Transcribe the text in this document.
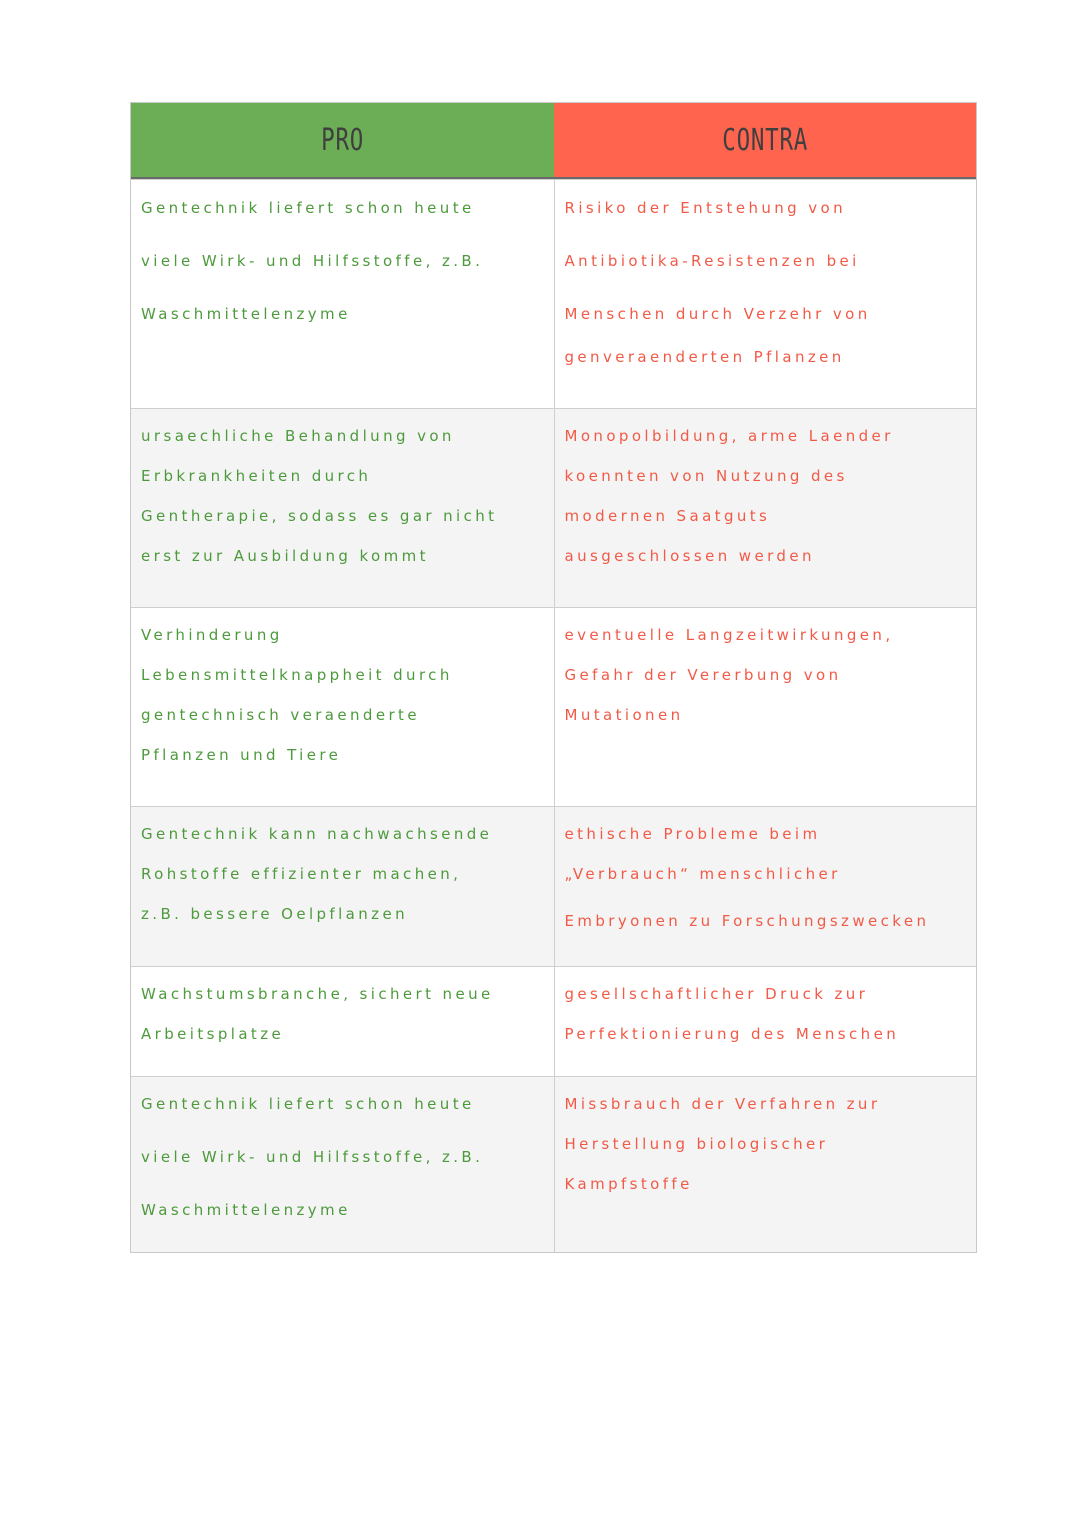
PRO	CONTRA
Gentechnik liefert schon heute
viele Wirk‑ und Hilfsstoffe, z.B.
Waschmittelenzyme
Risiko der Entstehung von
Antibiotika‑Resistenzen bei
Menschen durch Verzehr von
genveraenderten Pflanzen
ursaechliche Behandlung von
Erbkrankheiten durch
Gentherapie, sodass es gar nicht
erst zur Ausbildung kommt
Monopolbildung, arme Laender
koennten von Nutzung des
modernen Saatguts
ausgeschlossen werden
Verhinderung
Lebensmittelknappheit durch
gentechnisch veraenderte
Pflanzen und Tiere
eventuelle Langzeitwirkungen,
Gefahr der Vererbung von
Mutationen
Gentechnik kann nachwachsende
Rohstoffe effizienter machen,
z.B. bessere Oelpflanzen
ethische Probleme beim
„Verbrauch“ menschlicher
Embryonen zu Forschungszwecken
Wachstumsbranche, sichert neue
Arbeitsplatze
gesellschaftlicher Druck zur
Perfektionierung des Menschen
Gentechnik liefert schon heute
viele Wirk‑ und Hilfsstoffe, z.B.
Waschmittelenzyme
Missbrauch der Verfahren zur
Herstellung biologischer
Kampfstoffe
